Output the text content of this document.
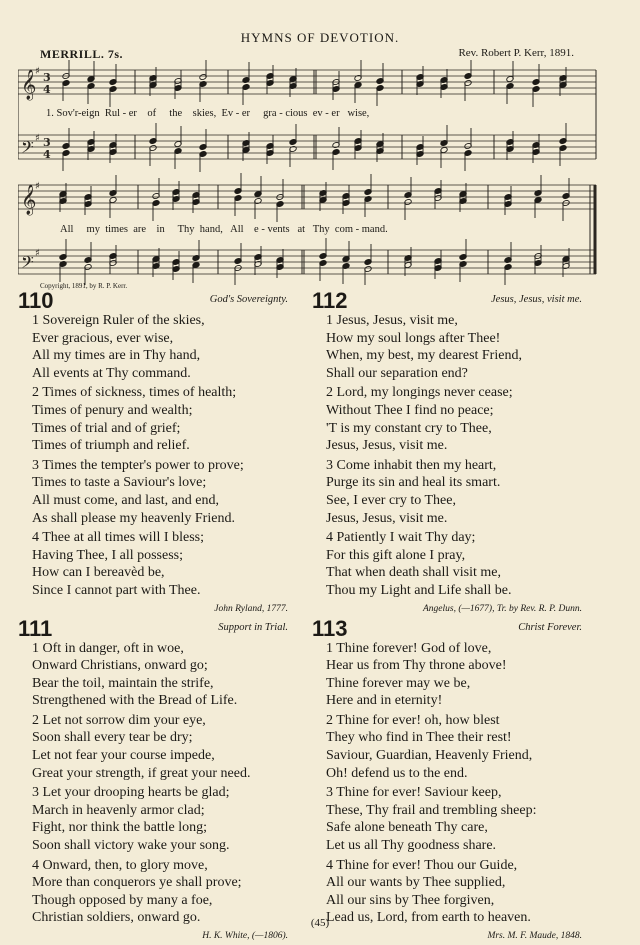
HYMNS OF DEVOTION.
MERRILL. 7s.	Rev. Robert P. Kerr, 1891.
𝄞
𝄢
𝄞
𝄢
3
4
3
4
♯
♯
♯
♯
1. Sov'r-eign  Rul - er    of     the    skies,  Ev - er     gra - cious  ev - er   wise,
All     my  times  are    in     Thy  hand,   All    e - vents   at   Thy  com - mand.
Copyright, 1891, by R. P. Kerr.
110	God's Sovereignty.
1 Sovereign Ruler of the skies,
Ever gracious, ever wise,
All my times are in Thy hand,
All events at Thy command.
2 Times of sickness, times of health;
Times of penury and wealth;
Times of trial and of grief;
Times of triumph and relief.
3 Times the tempter's power to prove;
Times to taste a Saviour's love;
All must come, and last, and end,
As shall please my heavenly Friend.
4 Thee at all times will I bless;
Having Thee, I all possess;
How can I bereavèd be,
Since I cannot part with Thee.
John Ryland, 1777.
111	Support in Trial.
1 Oft in danger, oft in woe,
Onward Christians, onward go;
Bear the toil, maintain the strife,
Strengthened with the Bread of Life.
2 Let not sorrow dim your eye,
Soon shall every tear be dry;
Let not fear your course impede,
Great your strength, if great your need.
3 Let your drooping hearts be glad;
March in heavenly armor clad;
Fight, nor think the battle long;
Soon shall victory wake your song.
4 Onward, then, to glory move,
More than conquerors ye shall prove;
Though opposed by many a foe,
Christian soldiers, onward go.
H. K. White, (—1806).
112	Jesus, Jesus, visit me.
1 Jesus, Jesus, visit me,
How my soul longs after Thee!
When, my best, my dearest Friend,
Shall our separation end?
2 Lord, my longings never cease;
Without Thee I find no peace;
'T is my constant cry to Thee,
Jesus, Jesus, visit me.
3 Come inhabit then my heart,
Purge its sin and heal its smart.
See, I ever cry to Thee,
Jesus, Jesus, visit me.
4 Patiently I wait Thy day;
For this gift alone I pray,
That when death shall visit me,
Thou my Light and Life shall be.
Angelus, (—1677), Tr. by Rev. R. P. Dunn.
113	Christ Forever.
1 Thine forever! God of love,
Hear us from Thy throne above!
Thine forever may we be,
Here and in eternity!
2 Thine for ever! oh, how blest
They who find in Thee their rest!
Saviour, Guardian, Heavenly Friend,
Oh! defend us to the end.
3 Thine for ever! Saviour keep,
These, Thy frail and trembling sheep:
Safe alone beneath Thy care,
Let us all Thy goodness share.
4 Thine for ever! Thou our Guide,
All our wants by Thee supplied,
All our sins by Thee forgiven,
Lead us, Lord, from earth to heaven.
Mrs. M. F. Maude, 1848.
(45)
